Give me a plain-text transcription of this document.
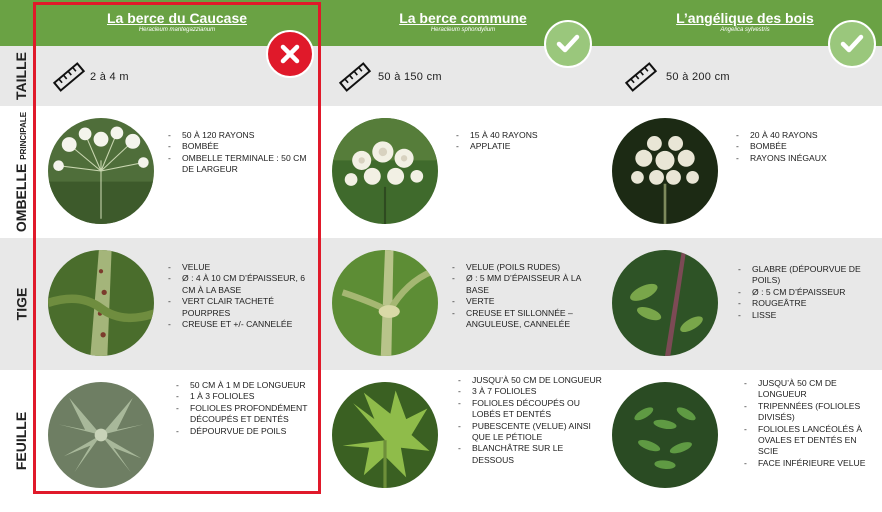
La berce du Caucase
Heracleum mantegazzianum
La berce commune
Heracleum sphondylium
L’angélique des bois
Angelica sylvestris
TAILLE
OMBELLE PRINCIPALE
TIGE
FEUILLE
2 à 4 m	50 à 150 cm	50 à 200 cm
- 50 À 120 RAYONS
- BOMBÉE
- OMBELLE TERMINALE : 50 CM DE LARGEUR
- 15 À 40 RAYONS
- APPLATIE
- 20 À 40 RAYONS
- BOMBÉE
- RAYONS INÉGAUX
- VELUE
- Ø : 4 À 10 CM D’ÉPAISSEUR, 6 CM À LA BASE
- VERT CLAIR TACHETÉ POURPRES
- CREUSE ET +/- CANNELÉE
- VELUE (POILS RUDES)
- Ø : 5 MM D’ÉPAISSEUR À LA BASE
- VERTE
- CREUSE ET SILLONNÉE – ANGULEUSE, CANNELÉE
- GLABRE (DÉPOURVUE DE POILS)
- Ø : 5 CM D’ÉPAISSEUR
- ROUGEÂTRE
- LISSE
- 50 CM À 1 M DE LONGUEUR
- 1 À 3 FOLIOLES
- FOLIOLES PROFONDÉMENT DÉCOUPÉS ET DENTÉS
- DÉPOURVUE DE POILS
- JUSQU’À 50 CM DE LONGUEUR
- 3 À 7 FOLIOLES
- FOLIOLES DÉCOUPÉS OU LOBÉS ET DENTÉS
- PUBESCENTE (VELUE) AINSI QUE LE PÉTIOLE
- BLANCHÂTRE SUR LE DESSOUS
- JUSQU’À 50 CM DE LONGUEUR
- TRIPENNÉES (FOLIOLES DIVISÉS)
- FOLIOLES LANCÉOLÉS À OVALES ET DENTÉS EN SCIE
- FACE INFÉRIEURE VELUE
